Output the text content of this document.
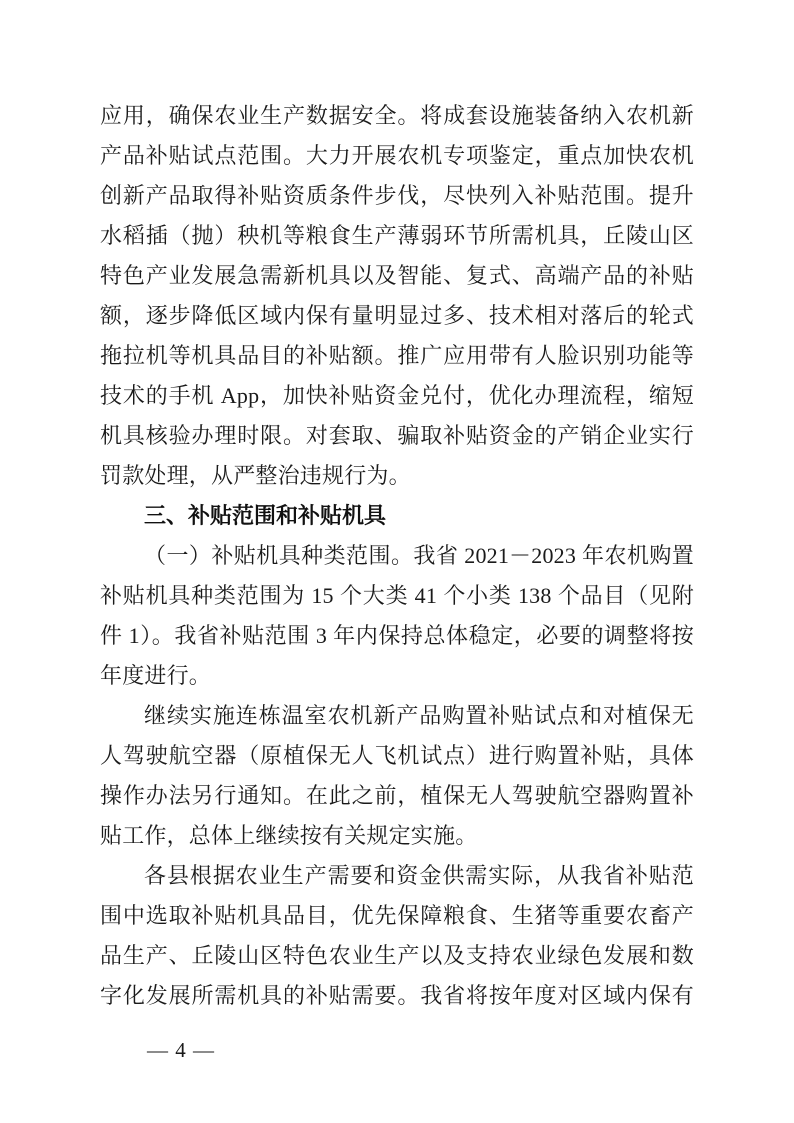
应用，确保农业生产数据安全。将成套设施装备纳入农机新
产品补贴试点范围。大力开展农机专项鉴定，重点加快农机
创新产品取得补贴资质条件步伐，尽快列入补贴范围。提升
水稻插（抛）秧机等粮食生产薄弱环节所需机具，丘陵山区
特色产业发展急需新机具以及智能、复式、高端产品的补贴
额，逐步降低区域内保有量明显过多、技术相对落后的轮式
拖拉机等机具品目的补贴额。推广应用带有人脸识别功能等
技术的手机 App，加快补贴资金兑付，优化办理流程，缩短
机具核验办理时限。对套取、骗取补贴资金的产销企业实行
罚款处理，从严整治违规行为。

三、补贴范围和补贴机具

（一）补贴机具种类范围。我省 2021－2023 年农机购置
补贴机具种类范围为 15 个大类 41 个小类 138 个品目（见附
件 1）。我省补贴范围 3 年内保持总体稳定，必要的调整将按
年度进行。

继续实施连栋温室农机新产品购置补贴试点和对植保无
人驾驶航空器（原植保无人飞机试点）进行购置补贴，具体
操作办法另行通知。在此之前，植保无人驾驶航空器购置补
贴工作，总体上继续按有关规定实施。

各县根据农业生产需要和资金供需实际，从我省补贴范
围中选取补贴机具品目，优先保障粮食、生猪等重要农畜产
品生产、丘陵山区特色农业生产以及支持农业绿色发展和数
字化发展所需机具的补贴需要。我省将按年度对区域内保有

— 4 —
